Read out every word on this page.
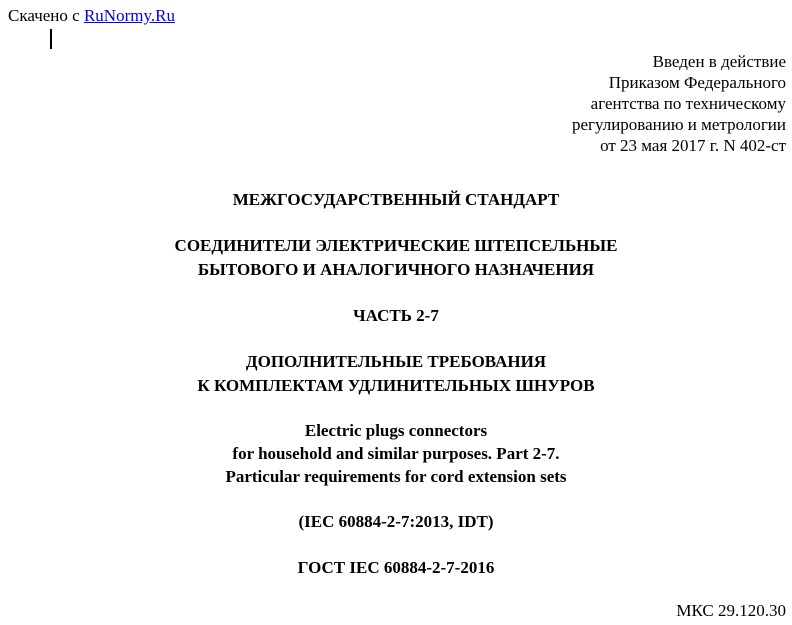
Скачено с RuNormy.Ru
Введен в действие
Приказом Федерального
агентства по техническому
регулированию и метрологии
от 23 мая 2017 г. N 402-ст
МЕЖГОСУДАРСТВЕННЫЙ СТАНДАРТ
СОЕДИНИТЕЛИ ЭЛЕКТРИЧЕСКИЕ ШТЕПСЕЛЬНЫЕ
БЫТОВОГО И АНАЛОГИЧНОГО НАЗНАЧЕНИЯ
ЧАСТЬ 2-7
ДОПОЛНИТЕЛЬНЫЕ ТРЕБОВАНИЯ
К КОМПЛЕКТАМ УДЛИНИТЕЛЬНЫХ ШНУРОВ
Electric plugs connectors
for household and similar purposes. Part 2-7.
Particular requirements for cord extension sets
(IEC 60884-2-7:2013, IDT)
ГОСТ IEC 60884-2-7-2016
МКС 29.120.30
